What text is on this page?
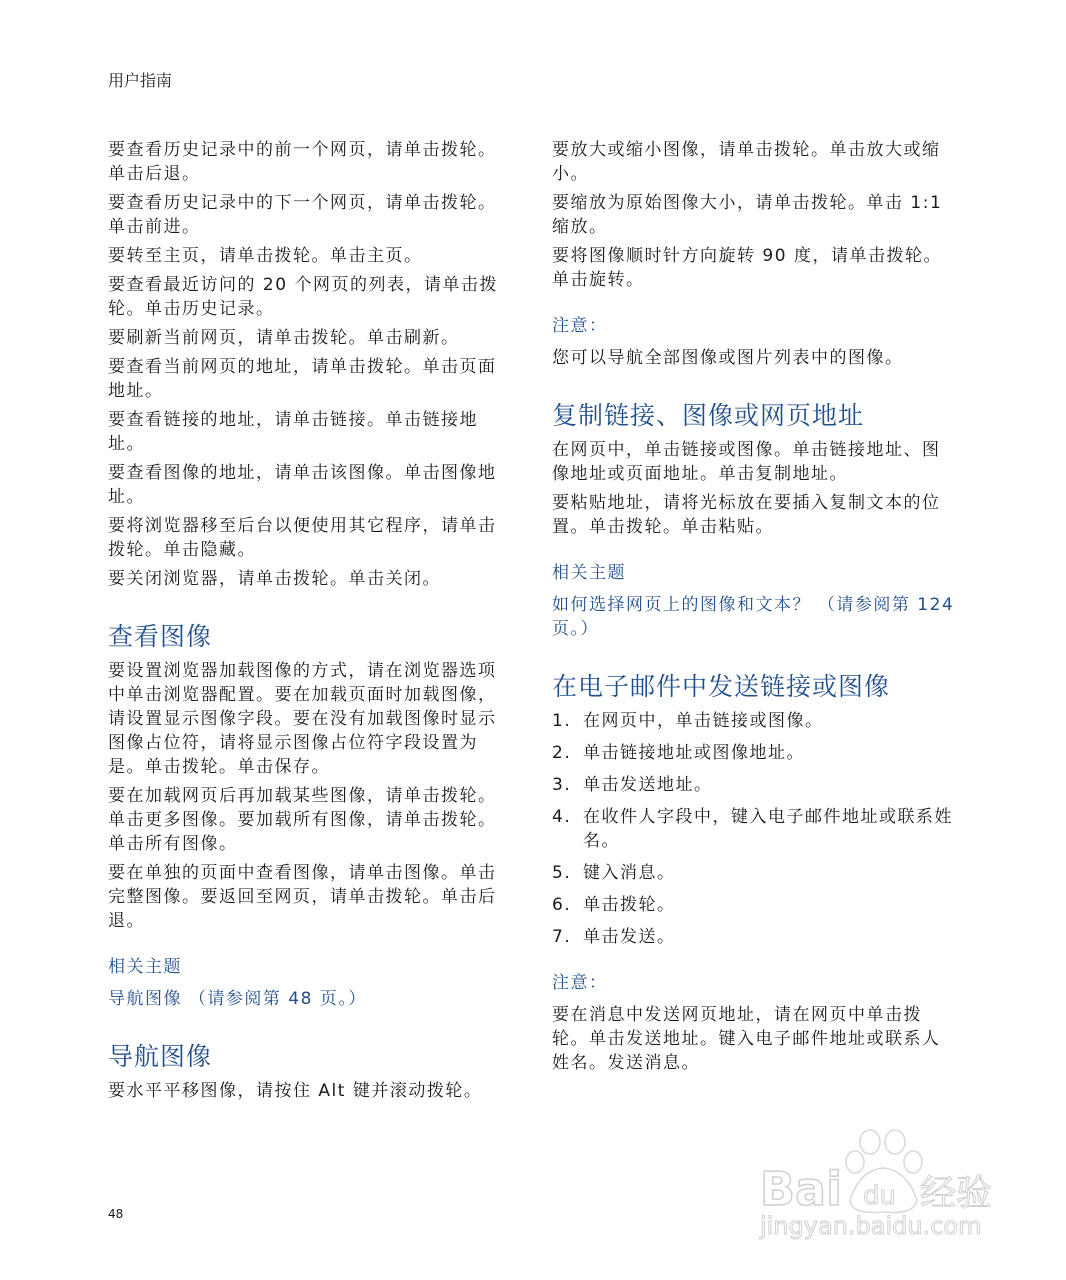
用户指南

要查看历史记录中的前一个网页，请单击拨轮。单击后退。

要查看历史记录中的下一个网页，请单击拨轮。单击前进。

要转至主页，请单击拨轮。单击主页。

要查看最近访问的 20 个网页的列表，请单击拨轮。单击历史记录。

要刷新当前网页，请单击拨轮。单击刷新。

要查看当前网页的地址，请单击拨轮。单击页面地址。

要查看链接的地址，请单击链接。单击链接地址。

要查看图像的地址，请单击该图像。单击图像地址。

要将浏览器移至后台以便使用其它程序，请单击拨轮。单击隐藏。

要关闭浏览器，请单击拨轮。单击关闭。

查看图像

要设置浏览器加载图像的方式，请在浏览器选项中单击浏览器配置。要在加载页面时加载图像，请设置显示图像字段。要在没有加载图像时显示图像占位符，请将显示图像占位符字段设置为是。单击拨轮。单击保存。

要在加载网页后再加载某些图像，请单击拨轮。单击更多图像。要加载所有图像，请单击拨轮。单击所有图像。

要在单独的页面中查看图像，请单击图像。单击完整图像。要返回至网页，请单击拨轮。单击后退。

相关主题

导航图像 （请参阅第 48 页。）

导航图像

要水平平移图像，请按住 Alt 键并滚动拨轮。

要放大或缩小图像，请单击拨轮。单击放大或缩小。

要缩放为原始图像大小，请单击拨轮。单击 1:1 缩放。

要将图像顺时针方向旋转 90 度，请单击拨轮。单击旋转。

注意：

您可以导航全部图像或图片列表中的图像。

复制链接、图像或网页地址

在网页中，单击链接或图像。单击链接地址、图像地址或页面地址。单击复制地址。

要粘贴地址，请将光标放在要插入复制文本的位置。单击拨轮。单击粘贴。

相关主题

如何选择网页上的图像和文本？ （请参阅第 124 页。）

在电子邮件中发送链接或图像
1. 在网页中，单击链接或图像。
2. 单击链接地址或图像地址。
3. 单击发送地址。
4. 在收件人字段中，键入电子邮件地址或联系姓名。
5. 键入消息。
6. 单击拨轮。
7. 单击发送。

注意：

要在消息中发送网页地址，请在网页中单击拨轮。单击发送地址。键入电子邮件地址或联系人姓名。发送消息。

48	Bai du 经验
jingyan.baidu.com
